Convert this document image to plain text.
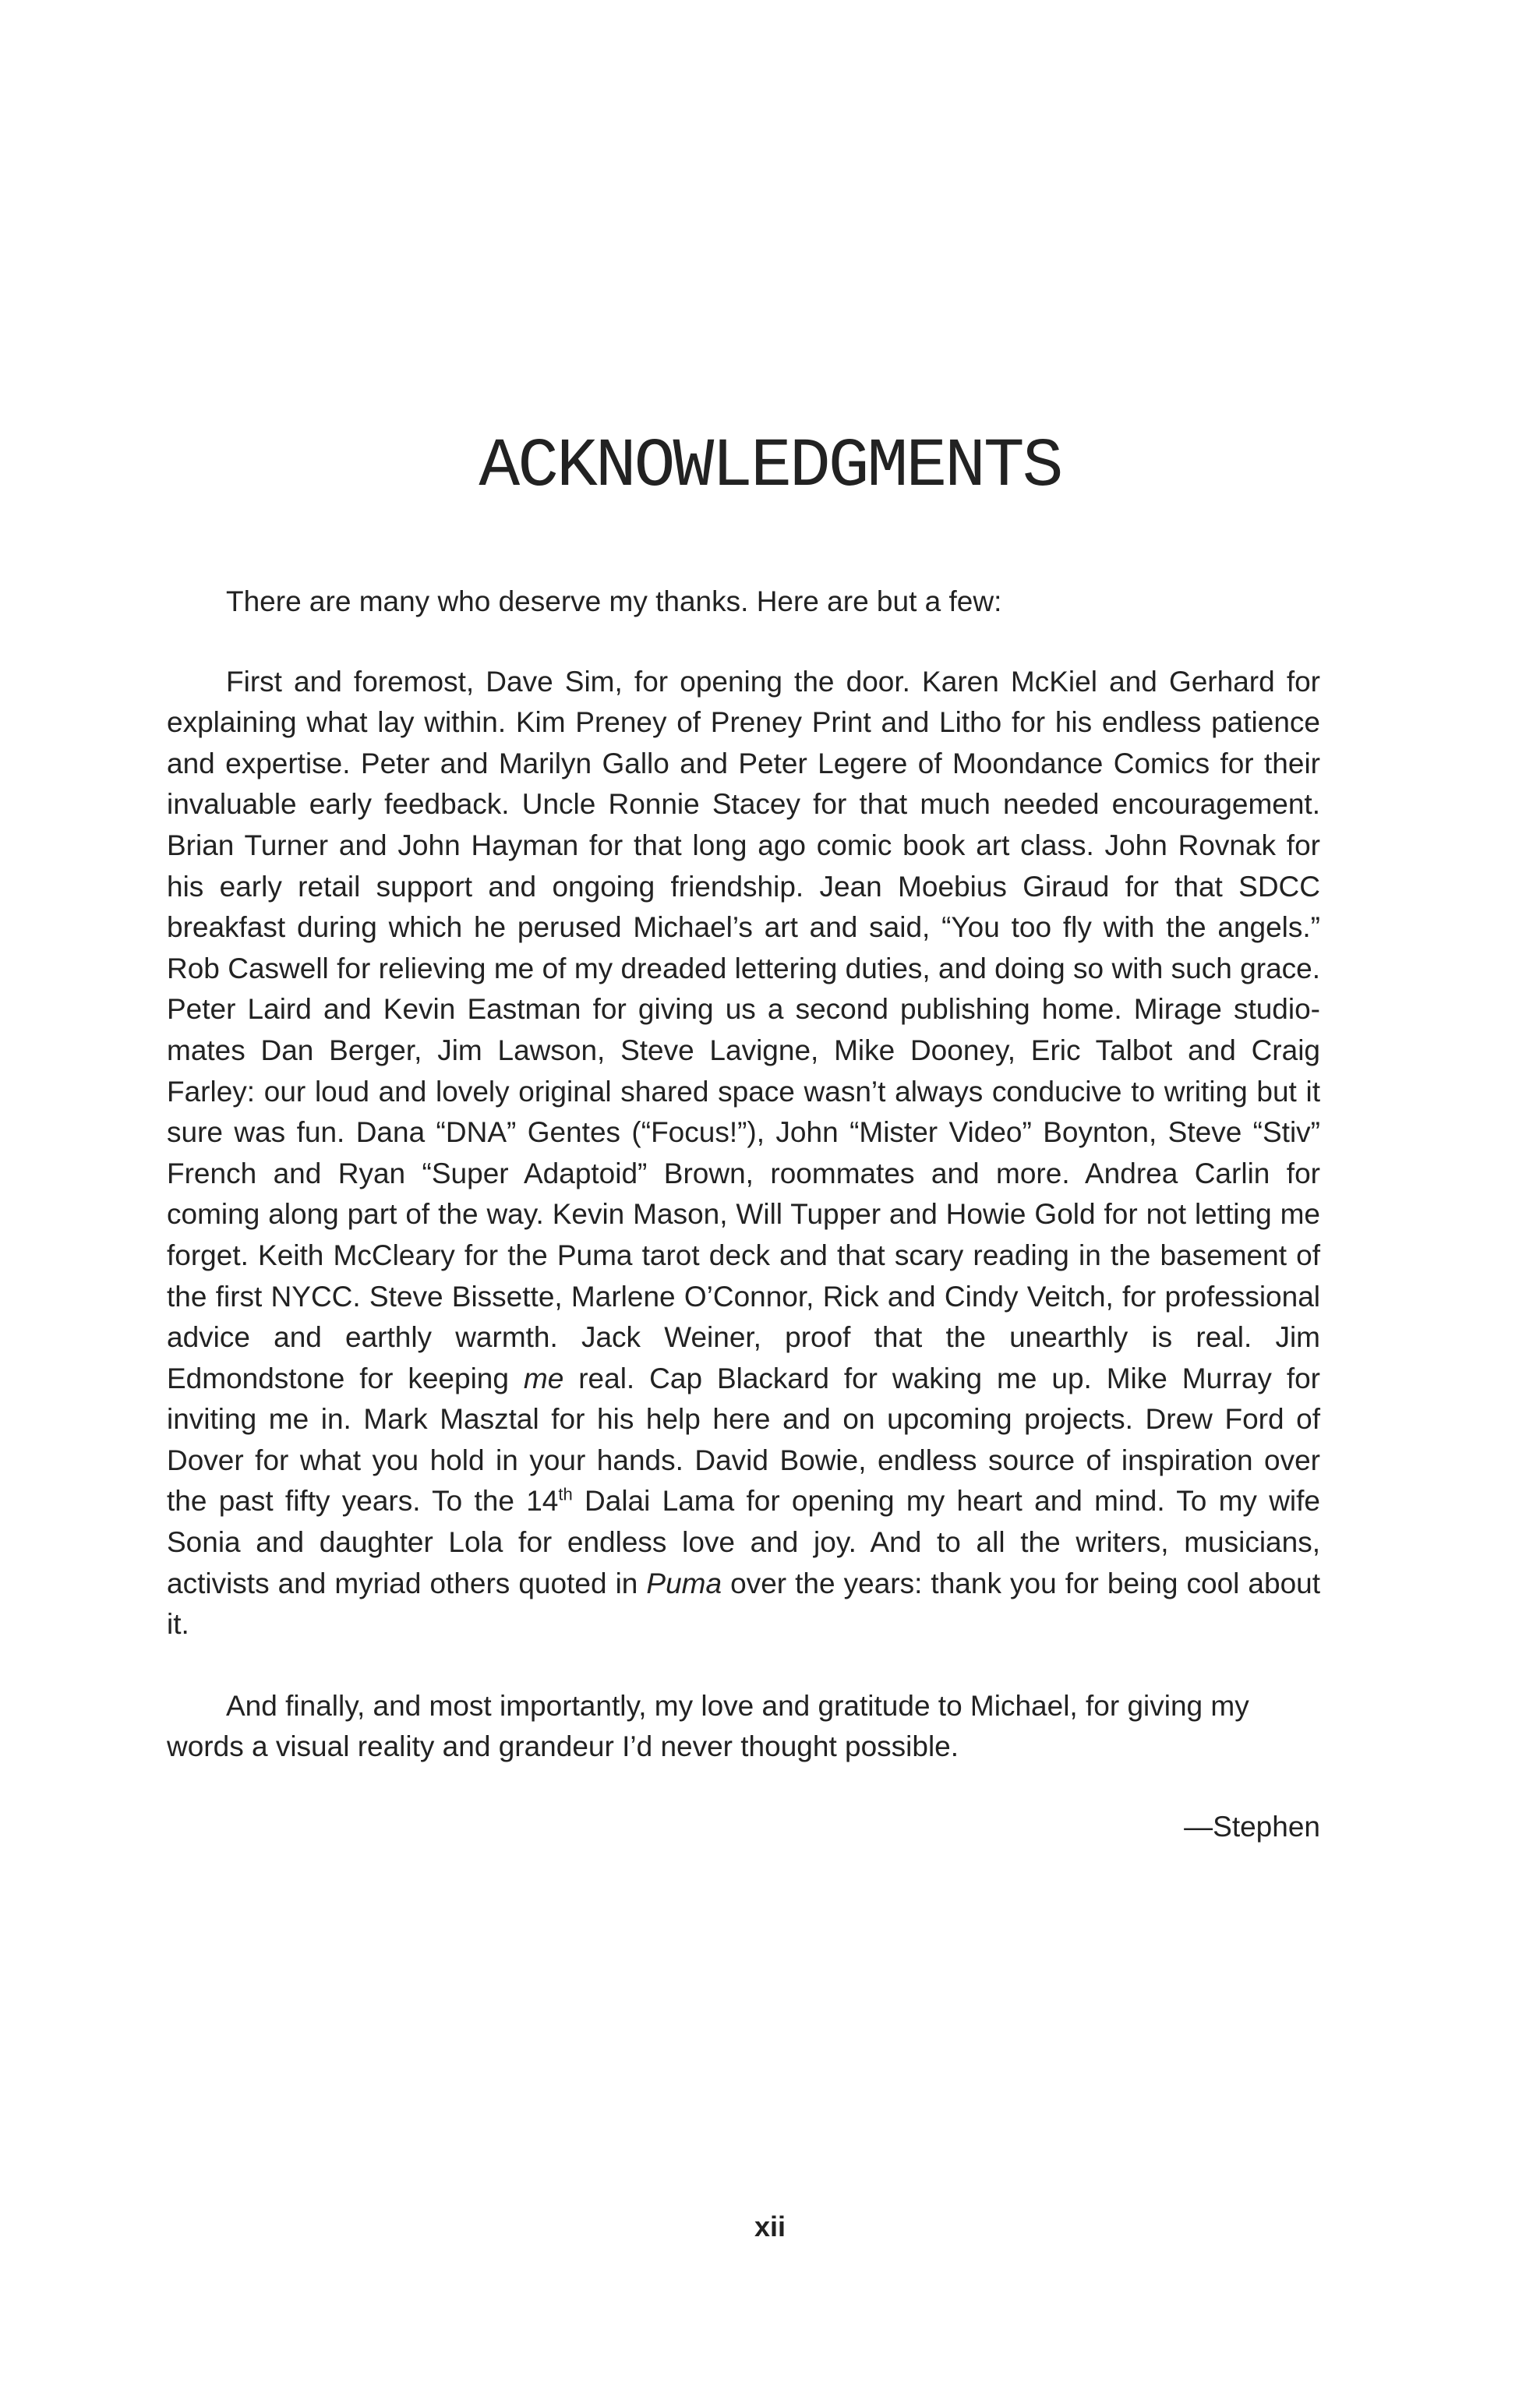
ACKNOWLEDGMENTS

There are many who deserve my thanks. Here are but a few:

First and foremost, Dave Sim, for opening the door. Karen McKiel and Gerhard for explaining what lay within. Kim Preney of Preney Print and Litho for his endless patience and expertise. Peter and Marilyn Gallo and Peter Legere of Moondance Comics for their invaluable early feedback. Uncle Ronnie Stacey for that much needed encouragement. Brian Turner and John Hayman for that long ago comic book art class. John Rovnak for his early retail support and ongoing friendship. Jean Moebius Giraud for that SDCC breakfast during which he perused Michael’s art and said, “You too fly with the angels.” Rob Caswell for relieving me of my dreaded lettering duties, and doing so with such grace. Peter Laird and Kevin Eastman for giving us a second publishing home. Mirage studio-mates Dan Berger, Jim Lawson, Steve Lavigne, Mike Dooney, Eric Talbot and Craig Farley: our loud and lovely original shared space wasn’t always conducive to writing but it sure was fun. Dana “DNA” Gentes (“Focus!”), John “Mister Video” Boynton, Steve “Stiv” French and Ryan “Super Adaptoid” Brown, roommates and more. Andrea Carlin for coming along part of the way. Kevin Mason, Will Tupper and Howie Gold for not letting me forget. Keith McCleary for the Puma tarot deck and that scary reading in the basement of the first NYCC. Steve Bissette, Marlene O’Connor, Rick and Cindy Veitch, for professional advice and earthly warmth. Jack Weiner, proof that the unearthly is real. Jim Edmondstone for keeping me real. Cap Blackard for waking me up. Mike Murray for inviting me in. Mark Masztal for his help here and on upcoming projects. Drew Ford of Dover for what you hold in your hands. David Bowie, endless source of inspiration over the past fifty years. To the 14th Dalai Lama for opening my heart and mind. To my wife Sonia and daughter Lola for endless love and joy. And to all the writers, musicians, activists and myriad others quoted in Puma over the years: thank you for being cool about it.

And finally, and most importantly, my love and gratitude to Michael, for giving my words a visual reality and grandeur I’d never thought possible.

—Stephen

xii
